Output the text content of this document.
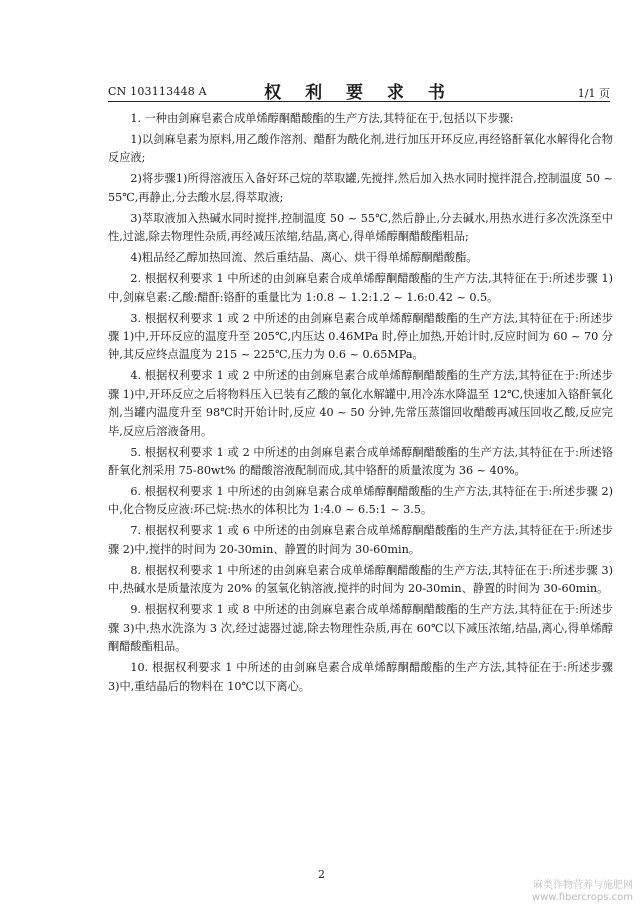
CN 103113448 A	权 利 要 求 书	1/1 页

1. 一种由剑麻皂素合成单烯醇酮醋酸酯的生产方法,其特征在于,包括以下步骤:

1)以剑麻皂素为原料,用乙酸作溶剂、醋酐为酰化剂,进行加压开环反应,再经铬酐氧化水解得化合物反应液;

2)将步骤1)所得溶液压入备好环己烷的萃取罐,先搅拌,然后加入热水同时搅拌混合,控制温度 50 ~ 55℃,再静止,分去酸水层,得萃取液;

3)萃取液加入热碱水同时搅拌,控制温度 50 ~ 55℃,然后静止,分去碱水,用热水进行多次洗涤至中性,过滤,除去物理性杂质,再经减压浓缩,结晶,离心,得单烯醇酮醋酸酯粗品;

4)粗品经乙醇加热回流、然后重结晶、离心、烘干得单烯醇酮醋酸酯。

2. 根据权利要求 1 中所述的由剑麻皂素合成单烯醇酮醋酸酯的生产方法,其特征在于:所述步骤 1)中,剑麻皂素:乙酸:醋酐:铬酐的重量比为 1:0.8 ~ 1.2:1.2 ~ 1.6:0.42 ~ 0.5。

3. 根据权利要求 1 或 2 中所述的由剑麻皂素合成单烯醇酮醋酸酯的生产方法,其特征在于:所述步骤 1)中,开环反应的温度升至 205℃,内压达 0.46MPa 时,停止加热,开始计时,反应时间为 60 ~ 70 分钟,其反应终点温度为 215 ~ 225℃,压力为 0.6 ~ 0.65MPa。

4. 根据权利要求 1 或 2 中所述的由剑麻皂素合成单烯醇酮醋酸酯的生产方法,其特征在于:所述步骤 1)中,开环反应之后将物料压入已装有乙酸的氧化水解罐中,用冷冻水降温至 12℃,快速加入铬酐氧化剂,当罐内温度升至 98℃时开始计时,反应 40 ~ 50 分钟,先常压蒸馏回收醋酸再减压回收乙酸,反应完毕,反应后溶液备用。

5. 根据权利要求 1 或 2 中所述的由剑麻皂素合成单烯醇酮醋酸酯的生产方法,其特征在于:所述铬酐氧化剂采用 75-80wt% 的醋酸溶液配制而成,其中铬酐的质量浓度为 36 ~ 40%。

6. 根据权利要求 1 中所述的由剑麻皂素合成单烯醇酮醋酸酯的生产方法,其特征在于:所述步骤 2)中,化合物反应液:环己烷:热水的体积比为 1:4.0 ~ 6.5:1 ~ 3.5。

7. 根据权利要求 1 或 6 中所述的由剑麻皂素合成单烯醇酮醋酸酯的生产方法,其特征在于:所述步骤 2)中,搅拌的时间为 20-30min、静置的时间为 30-60min。

8. 根据权利要求 1 中所述的由剑麻皂素合成单烯醇酮醋酸酯的生产方法,其特征在于:所述步骤 3)中,热碱水是质量浓度为 20% 的氢氧化钠溶液,搅拌的时间为 20-30min、静置的时间为 30-60min。

9. 根据权利要求 1 或 8 中所述的由剑麻皂素合成单烯醇酮醋酸酯的生产方法,其特征在于:所述步骤 3)中,热水洗涤为 3 次,经过滤器过滤,除去物理性杂质,再在 60℃以下减压浓缩,结晶,离心,得单烯醇酮醋酸酯粗品。

10. 根据权利要求 1 中所述的由剑麻皂素合成单烯醇酮醋酸酯的生产方法,其特征在于:所述步骤 3)中,重结晶后的物料在 10℃以下离心。

2
麻类作物营养与施肥网
www.fibercrops.com
